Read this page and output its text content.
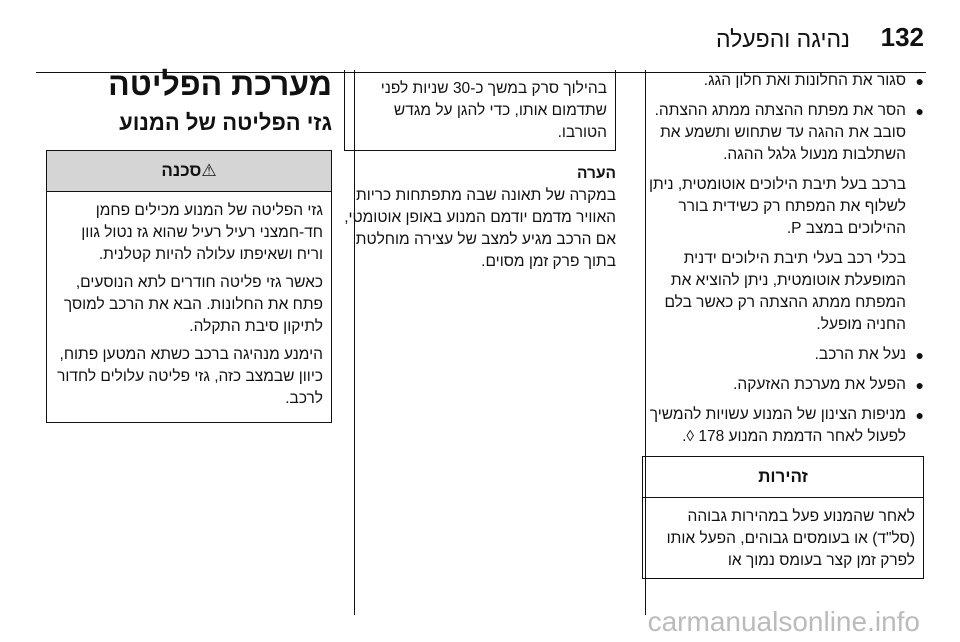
132
נהיגה והפעלה
●

סגור את החלונות ואת חלון הגג.

●

הסר את מפתח ההצתה ממתג ההצתה. סובב את ההגה עד שתחוש ותשמע את השתלבות מנעול גלגל ההגה.

ברכב בעל תיבת הילוכים אוטומטית, ניתן לשלוף את המפתח רק כשידית בורר ההילוכים במצב P.

בכלי רכב בעלי תיבת הילוכים ידנית המופעלת אוטומטית, ניתן להוציא את המפתח ממתג ההצתה רק כאשר בלם החניה מופעל.

●

נעל את הרכב.

●

הפעל את מערכת האזעקה.

●

מניפות הצינון של המנוע עשויות להמשיך לפעול לאחר הדממת המנוע 178 ◊.

זהירות
לאחר שהמנוע פעל במהירות גבוהה (סל"ד) או בעומסים גבוהים, הפעל אותו לפרק זמן קצר בעומס נמוך או
בהילוך סרק במשך כ-30 שניות לפני שתדמום אותו, כדי להגן על מגדש הטורבו.
הערה
במקרה של תאונה שבה מתפתחות כריות האוויר מדמם יודמם המנוע באופן אוטומטי, אם הרכב מגיע למצב של עצירה מוחלטת בתוך פרק זמן מסוים.
מערכת הפליטה
גזי הפליטה של המנוע
⚠סכנה

גזי הפליטה של המנוע מכילים פחמן חד-חמצני רעיל רעיל שהוא גז נטול גוון וריח ושאיפתו עלולה להיות קטלנית.

כאשר גזי פליטה חודרים לתא הנוסעים, פתח את החלונות. הבא את הרכב למוסך לתיקון סיבת התקלה.

הימנע מנהיגה ברכב כשתא המטען פתוח, כיוון שבמצב כזה, גזי פליטה עלולים לחדור לרכב.

carmanualsonline.info
